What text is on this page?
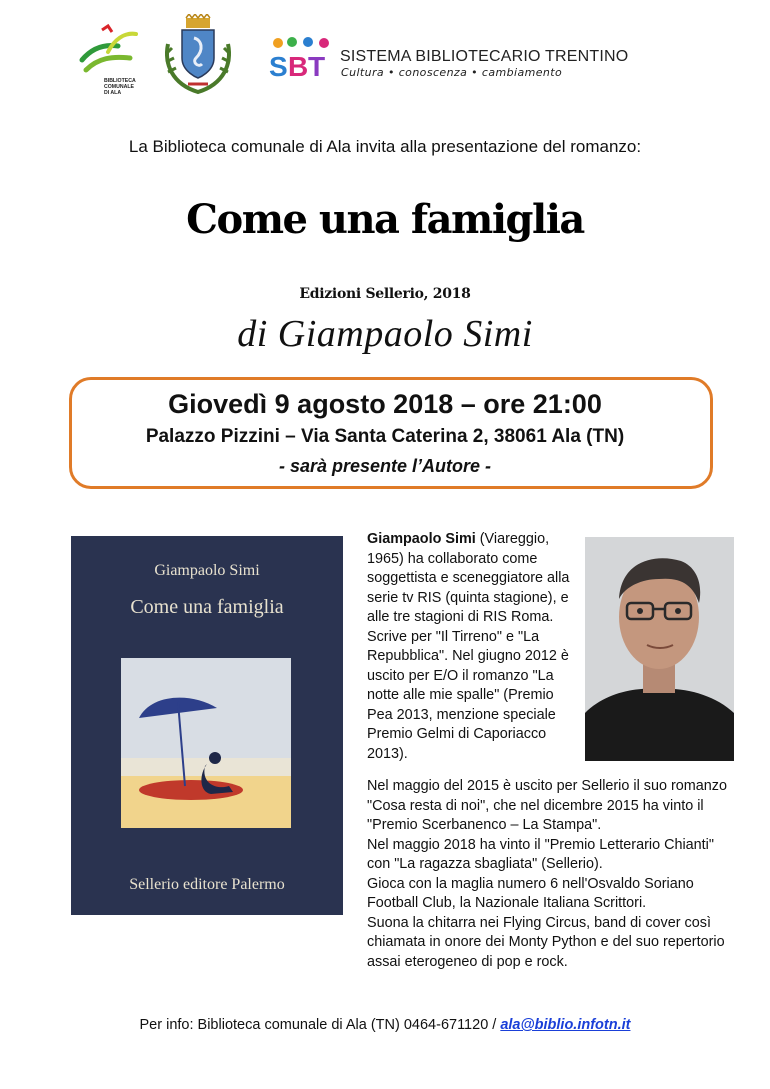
BIBLIOTECA COMUNALE DI ALA
S B T SISTEMA BIBLIOTECARIO TRENTINO
Cultura • conoscenza • cambiamento
La Biblioteca comunale di Ala invita alla presentazione del romanzo:
Come una famiglia
Edizioni Sellerio, 2018
di Giampaolo Simi
Giovedì 9 agosto 2018 – ore 21:00
Palazzo Pizzini – Via Santa Caterina 2, 38061 Ala (TN)
- sarà presente l’Autore -
Giampaolo Simi
Come una famiglia
Sellerio editore Palermo

Giampaolo Simi (Viareggio, 1965) ha collaborato come soggettista e sceneggiatore alla serie tv RIS (quinta stagione), e alle tre stagioni di RIS Roma. Scrive per "Il Tirreno" e "La Repubblica". Nel giugno 2012 è uscito per E/O il romanzo "La notte alle mie spalle" (Premio Pea 2013, menzione speciale Premio Gelmi di Caporiacco 2013).

Nel maggio del 2015 è uscito per Sellerio il suo romanzo "Cosa resta di noi", che nel dicembre 2015 ha vinto il "Premio Scerbanenco – La Stampa".

Nel maggio 2018 ha vinto il "Premio Letterario Chianti" con "La ragazza sbagliata" (Sellerio).

Gioca con la maglia numero 6 nell'Osvaldo Soriano Football Club, la Nazionale Italiana Scrittori.

Suona la chitarra nei Flying Circus, band di cover così chiamata in onore dei Monty Python e del suo repertorio assai eterogeneo di pop e rock.

Per info: Biblioteca comunale di Ala (TN) 0464-671120 / ala@biblio.infotn.it
